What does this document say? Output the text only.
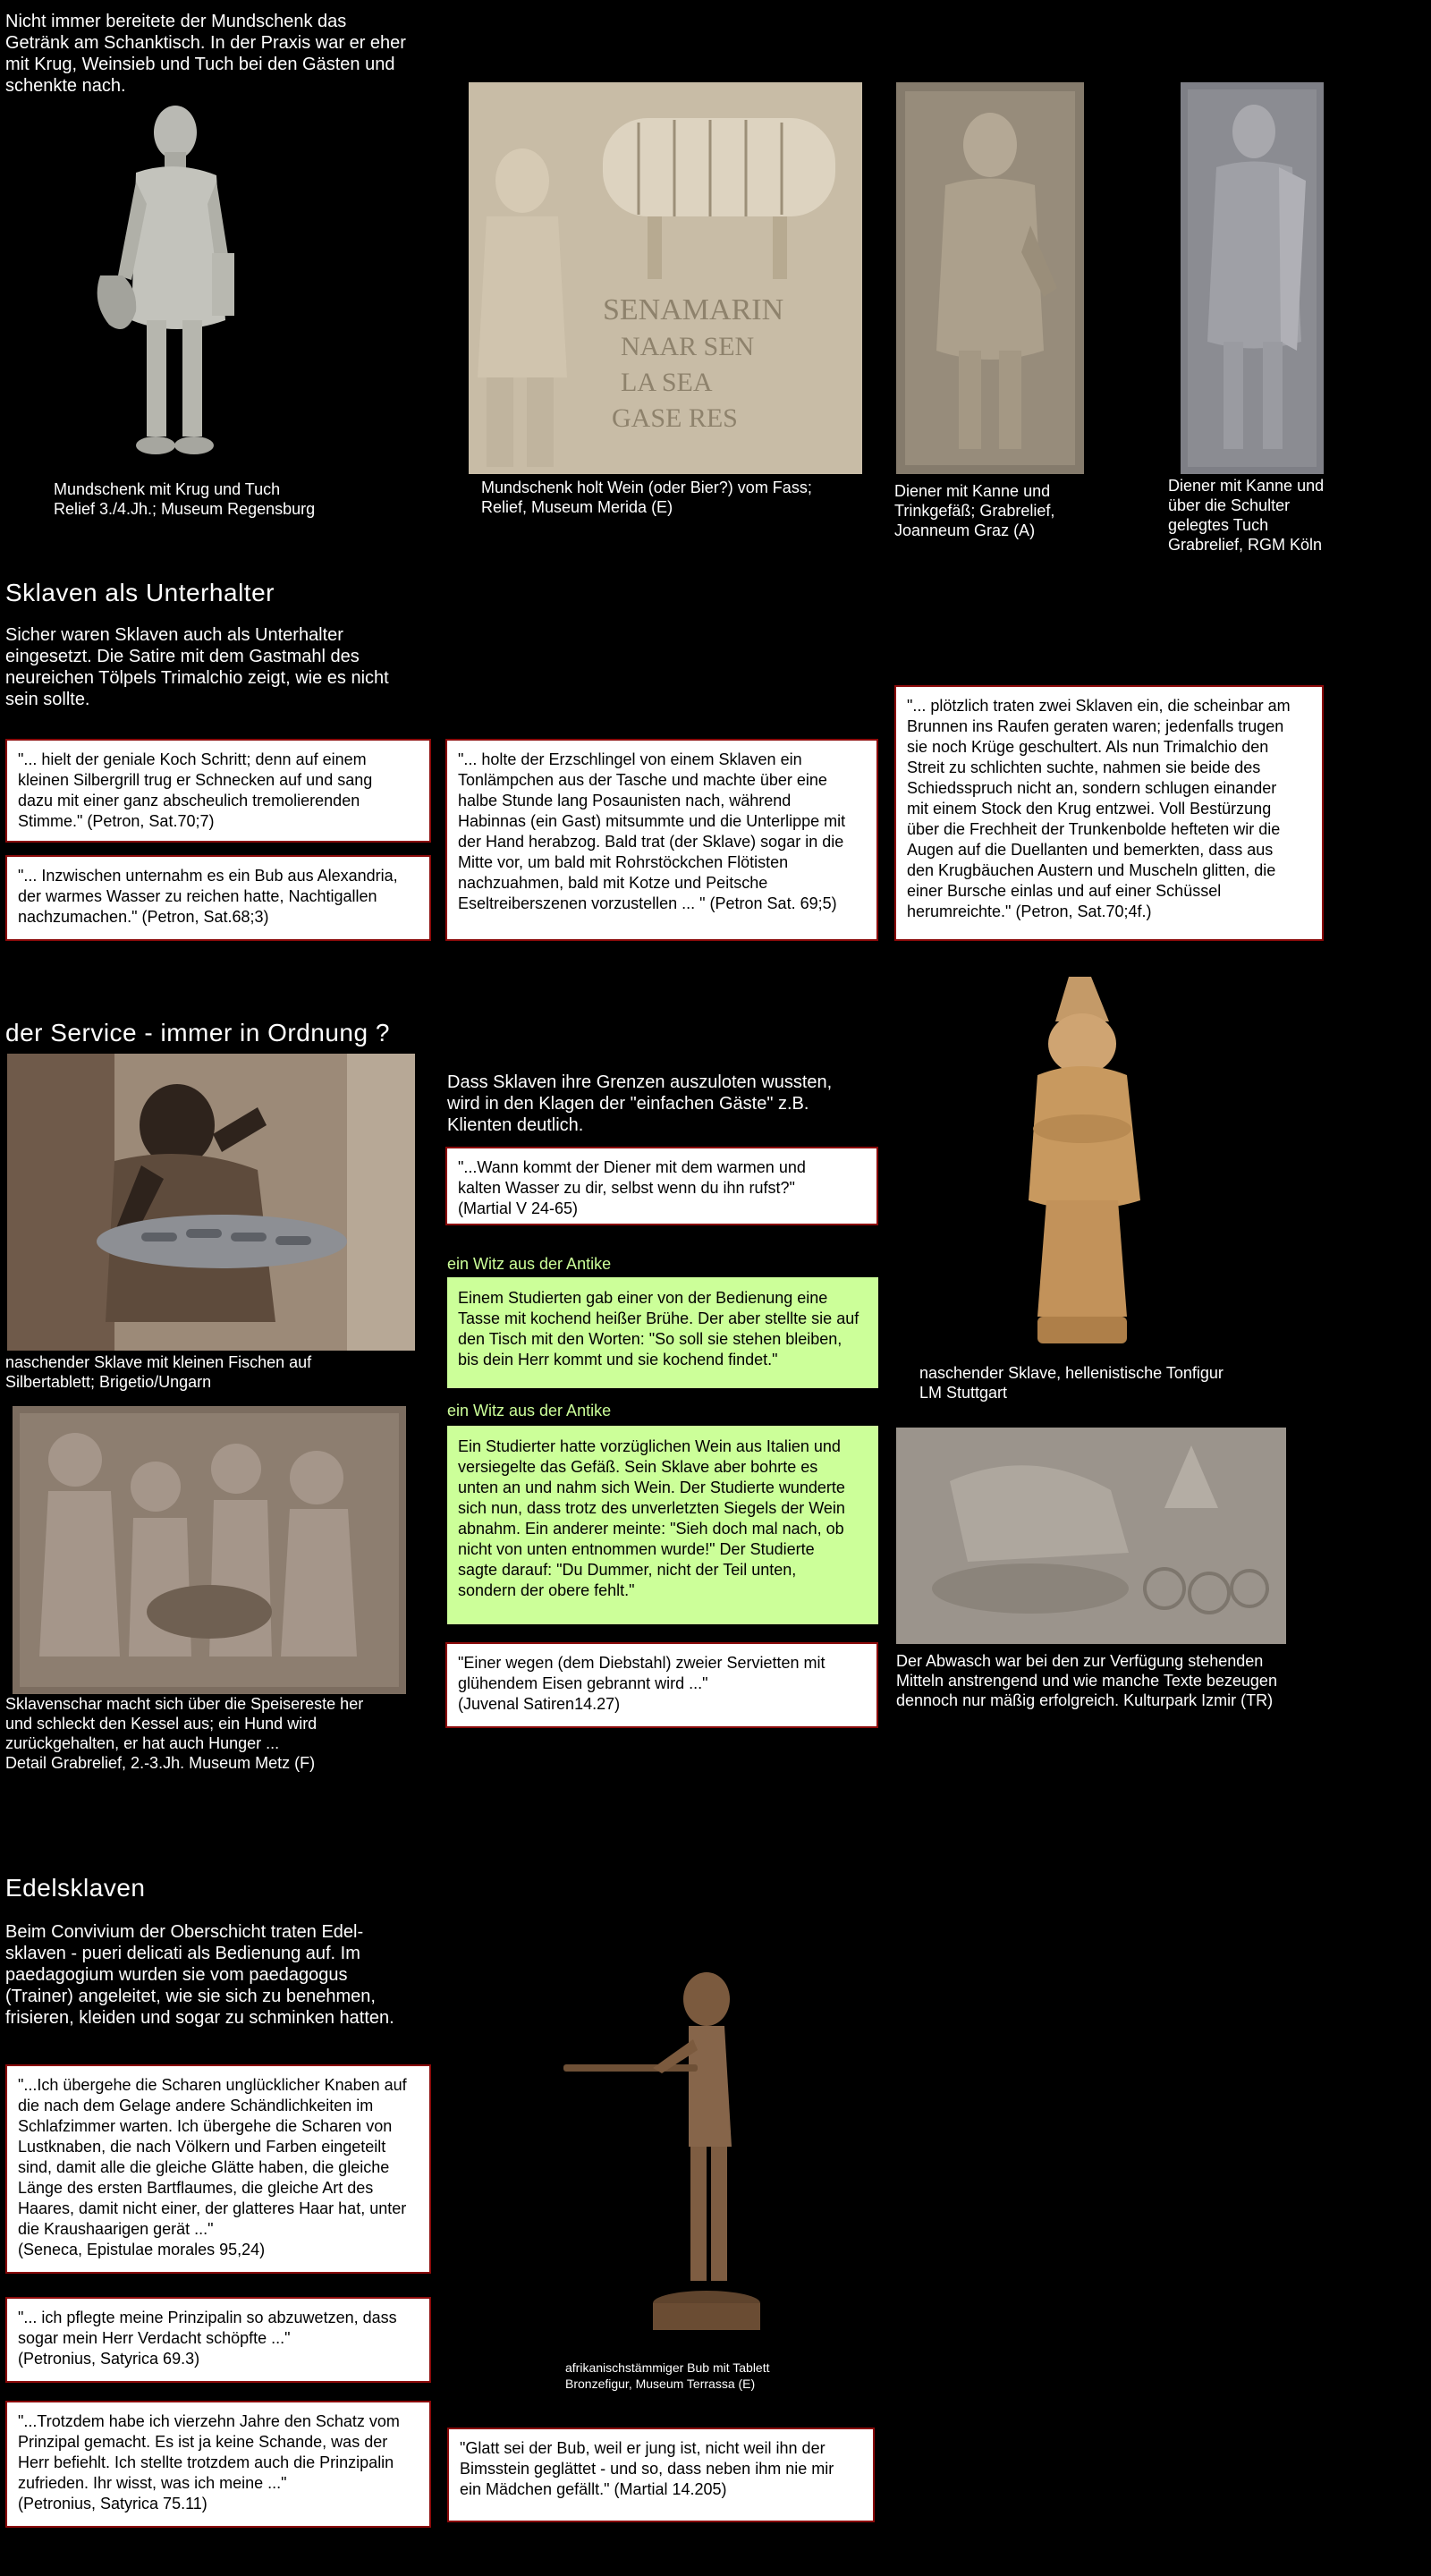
Nicht immer bereitete der Mundschenk das
Getränk am Schanktisch. In der Praxis war er eher
mit Krug, Weinsieb und Tuch bei den Gästen und
schenkte nach.
Mundschenk mit Krug und Tuch
Relief 3./4.Jh.; Museum Regensburg
SENAMARIN
NAAR SEN
LA SEA
GASE RES
Mundschenk holt Wein (oder Bier?) vom Fass;
Relief, Museum Merida (E)
Diener mit Kanne und
Trinkgefäß; Grabrelief,
Joanneum Graz (A)
Diener mit Kanne und
über die Schulter
gelegtes Tuch
Grabrelief, RGM Köln
Sklaven als Unterhalter
Sicher waren Sklaven auch als Unterhalter
eingesetzt. Die Satire mit dem Gastmahl des
neureichen Tölpels Trimalchio zeigt, wie es nicht
sein sollte.
"... hielt der geniale Koch Schritt; denn auf einem
kleinen Silbergrill trug er Schnecken auf und sang
dazu mit einer ganz abscheulich tremolierenden
Stimme." (Petron, Sat.70;7)
"... Inzwischen unternahm es ein Bub aus Alexandria,
der warmes Wasser zu reichen hatte, Nachtigallen
nachzumachen." (Petron, Sat.68;3)
"... holte der Erzschlingel von einem Sklaven ein
Tonlämpchen aus der Tasche und machte über eine
halbe Stunde lang Posaunisten nach, während
Habinnas (ein Gast) mitsummte und die Unterlippe mit
der Hand herabzog. Bald trat (der Sklave) sogar in die
Mitte vor, um bald mit Rohrstöckchen Flötisten
nachzuahmen, bald mit Kotze und Peitsche
Eseltreiberszenen vorzustellen ... " (Petron Sat. 69;5)
"... plötzlich traten zwei Sklaven ein, die scheinbar am
Brunnen ins Raufen geraten waren; jedenfalls trugen
sie noch Krüge geschultert. Als nun Trimalchio den
Streit zu schlichten suchte, nahmen sie beide des
Schiedsspruch nicht an, sondern schlugen einander
mit einem Stock den Krug entzwei. Voll Bestürzung
über die Frechheit der Trunkenbolde hefteten wir die
Augen auf die Duellanten und bemerkten, dass aus
den Krugbäuchen Austern und Muscheln glitten, die
einer Bursche einlas und auf einer Schüssel
herumreichte." (Petron, Sat.70;4f.)
der Service - immer in Ordnung ?
naschender Sklave mit kleinen Fischen auf
Silbertablett; Brigetio/Ungarn
Dass Sklaven ihre Grenzen auszuloten wussten,
wird in den Klagen der "einfachen Gäste" z.B.
Klienten deutlich.
"...Wann kommt der Diener mit dem warmen und
kalten Wasser zu dir, selbst wenn du ihn rufst?"
(Martial V 24-65)
ein Witz aus der Antike
Einem Studierten gab einer von der Bedienung eine
Tasse mit kochend heißer Brühe. Der aber stellte sie auf
den Tisch mit den Worten: "So soll sie stehen bleiben,
bis dein Herr kommt und sie kochend findet."
ein Witz aus der Antike
Ein Studierter hatte vorzüglichen Wein aus Italien und
versiegelte das Gefäß. Sein Sklave aber bohrte es
unten an und nahm sich Wein. Der Studierte wunderte
sich nun, dass trotz des unverletzten Siegels der Wein
abnahm. Ein anderer meinte: "Sieh doch mal nach, ob
nicht von unten entnommen wurde!" Der Studierte
sagte darauf: "Du Dummer, nicht der Teil unten,
sondern der obere fehlt."
"Einer wegen (dem Diebstahl) zweier Servietten mit
glühendem Eisen gebrannt wird ..."
(Juvenal Satiren14.27)
naschender Sklave, hellenistische Tonfigur
LM Stuttgart
Sklavenschar macht sich über die Speisereste her
und schleckt den Kessel aus; ein Hund wird
zurückgehalten, er hat auch Hunger ...
Detail Grabrelief, 2.-3.Jh. Museum Metz (F)
Der Abwasch war bei den zur Verfügung stehenden
Mitteln anstrengend und wie manche Texte bezeugen
dennoch nur mäßig erfolgreich. Kulturpark Izmir (TR)
Edelsklaven
Beim Convivium der Oberschicht traten Edel-
sklaven - pueri delicati als Bedienung auf. Im
paedagogium wurden sie vom paedagogus
(Trainer) angeleitet, wie sie sich zu benehmen,
frisieren, kleiden und sogar zu schminken hatten.
"...Ich übergehe die Scharen unglücklicher Knaben auf
die nach dem Gelage andere Schändlichkeiten im
Schlafzimmer warten. Ich übergehe die Scharen von
Lustknaben, die nach Völkern und Farben eingeteilt
sind, damit alle die gleiche Glätte haben, die gleiche
Länge des ersten Bartflaumes, die gleiche Art des
Haares, damit nicht einer, der glatteres Haar hat, unter
die Kraushaarigen gerät ..."
(Seneca, Epistulae morales 95,24)
"... ich pflegte meine Prinzipalin so abzuwetzen, dass
sogar mein Herr Verdacht schöpfte ..."
(Petronius, Satyrica 69.3)
"...Trotzdem habe ich vierzehn Jahre den Schatz vom
Prinzipal gemacht. Es ist ja keine Schande, was der
Herr befiehlt. Ich stellte trotzdem auch die Prinzipalin
zufrieden. Ihr wisst, was ich meine ..."
(Petronius, Satyrica 75.11)
afrikanischstämmiger Bub mit Tablett
Bronzefigur, Museum Terrassa (E)
"Glatt sei der Bub, weil er jung ist, nicht weil ihn der
Bimsstein geglättet - und so, dass neben ihm nie mir
ein Mädchen gefällt." (Martial 14.205)
